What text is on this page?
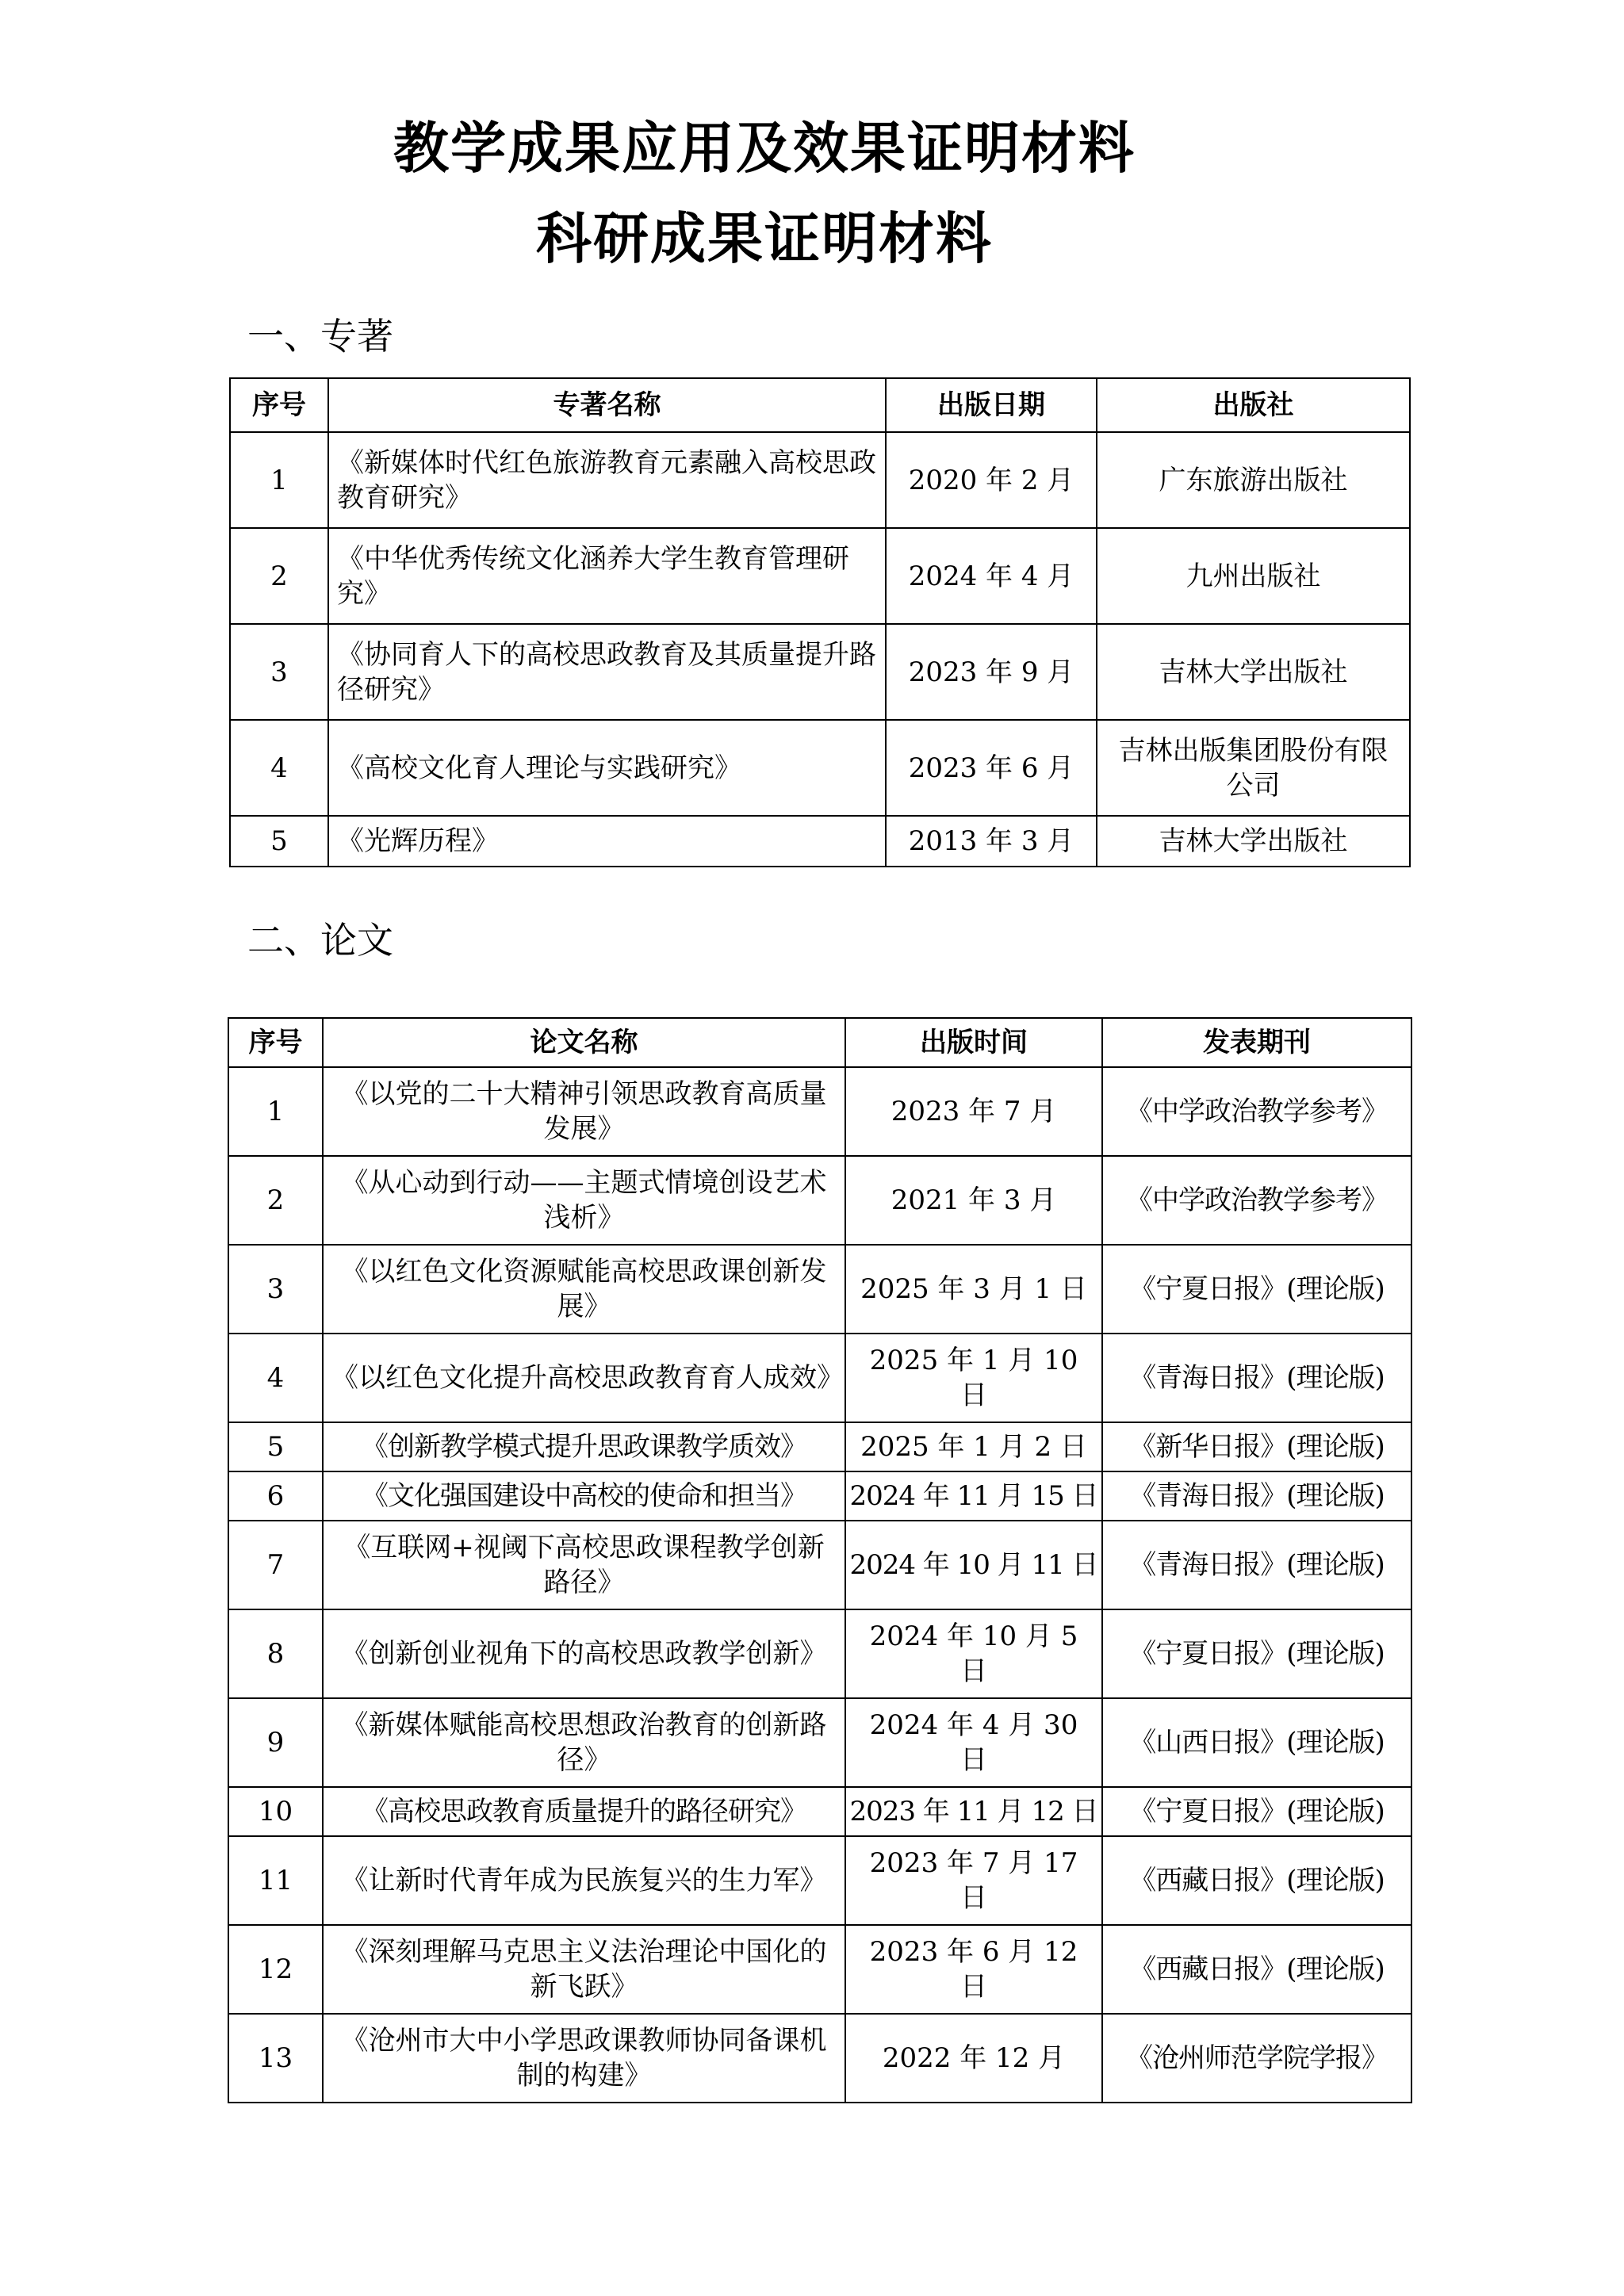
教学成果应用及效果证明材料
科研成果证明材料
一、专著
序号	专著名称	出版日期	出版社
1	《新媒体时代红色旅游教育元素融入高校思政教育研究》	2020 年 2 月	广东旅游出版社
2	《中华优秀传统文化涵养大学生教育管理研究》	2024 年 4 月	九州出版社
3	《协同育人下的高校思政教育及其质量提升路径研究》	2023 年 9 月	吉林大学出版社
4	《高校文化育人理论与实践研究》	2023 年 6 月	吉林出版集团股份有限公司
5	《光辉历程》	2013 年 3 月	吉林大学出版社
二、论文
序号	论文名称	出版时间	发表期刊
1	《以党的二十大精神引领思政教育高质量发展》	2023 年 7 月	《中学政治教学参考》
2	《从心动到行动——主题式情境创设艺术浅析》	2021 年 3 月	《中学政治教学参考》
3	《以红色文化资源赋能高校思政课创新发展》	2025 年 3 月 1 日	《宁夏日报》(理论版)
4	《以红色文化提升高校思政教育育人成效》	2025 年 1 月 10 日	《青海日报》(理论版)
5	《创新教学模式提升思政课教学质效》	2025 年 1 月 2 日	《新华日报》(理论版)
6	《文化强国建设中高校的使命和担当》	2024 年 11 月 15 日	《青海日报》(理论版)
7	《互联网+视阈下高校思政课程教学创新路径》	2024 年 10 月 11 日	《青海日报》(理论版)
8	《创新创业视角下的高校思政教学创新》	2024 年 10 月 5 日	《宁夏日报》(理论版)
9	《新媒体赋能高校思想政治教育的创新路径》	2024 年 4 月 30 日	《山西日报》(理论版)
10	《高校思政教育质量提升的路径研究》	2023 年 11 月 12 日	《宁夏日报》(理论版)
11	《让新时代青年成为民族复兴的生力军》	2023 年 7 月 17 日	《西藏日报》(理论版)
12	《深刻理解马克思主义法治理论中国化的新飞跃》	2023 年 6 月 12 日	《西藏日报》(理论版)
13	《沧州市大中小学思政课教师协同备课机制的构建》	2022 年 12 月	《沧州师范学院学报》
